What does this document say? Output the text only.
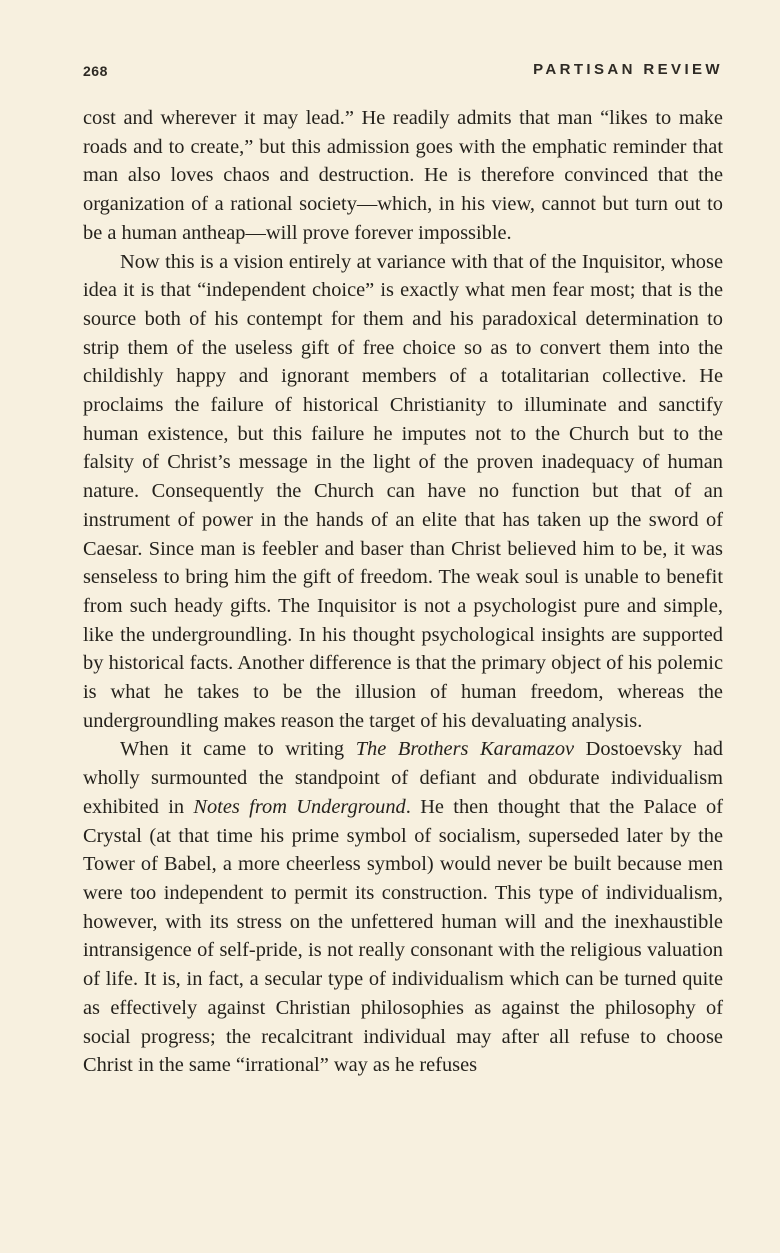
268	PARTISAN REVIEW

cost and wherever it may lead.” He readily admits that man “likes to make roads and to create,” but this admission goes with the emphatic reminder that man also loves chaos and destruction. He is therefore convinced that the organization of a rational society—which, in his view, cannot but turn out to be a human antheap—will prove forever impossible.

Now this is a vision entirely at variance with that of the Inquisitor, whose idea it is that “independent choice” is exactly what men fear most; that is the source both of his contempt for them and his paradoxical determination to strip them of the useless gift of free choice so as to convert them into the childishly happy and ignorant members of a totalitarian collective. He proclaims the failure of historical Christianity to illuminate and sanctify human existence, but this failure he imputes not to the Church but to the falsity of Christ’s message in the light of the proven inadequacy of human nature. Consequently the Church can have no function but that of an instrument of power in the hands of an elite that has taken up the sword of Caesar. Since man is feebler and baser than Christ believed him to be, it was senseless to bring him the gift of freedom. The weak soul is unable to benefit from such heady gifts. The Inquisitor is not a psychologist pure and simple, like the undergroundling. In his thought psychological insights are supported by historical facts. Another difference is that the primary object of his polemic is what he takes to be the illusion of human freedom, whereas the undergroundling makes reason the target of his devaluating analysis.

When it came to writing The Brothers Karamazov Dostoevsky had wholly surmounted the standpoint of defiant and obdurate individualism exhibited in Notes from Underground. He then thought that the Palace of Crystal (at that time his prime symbol of socialism, superseded later by the Tower of Babel, a more cheerless symbol) would never be built because men were too independent to permit its construction. This type of individualism, however, with its stress on the unfettered human will and the inexhaustible intransigence of self-pride, is not really consonant with the religious valuation of life. It is, in fact, a secular type of individualism which can be turned quite as effectively against Christian philosophies as against the philosophy of social progress; the recalcitrant individual may after all refuse to choose Christ in the same “irrational” way as he refuses
